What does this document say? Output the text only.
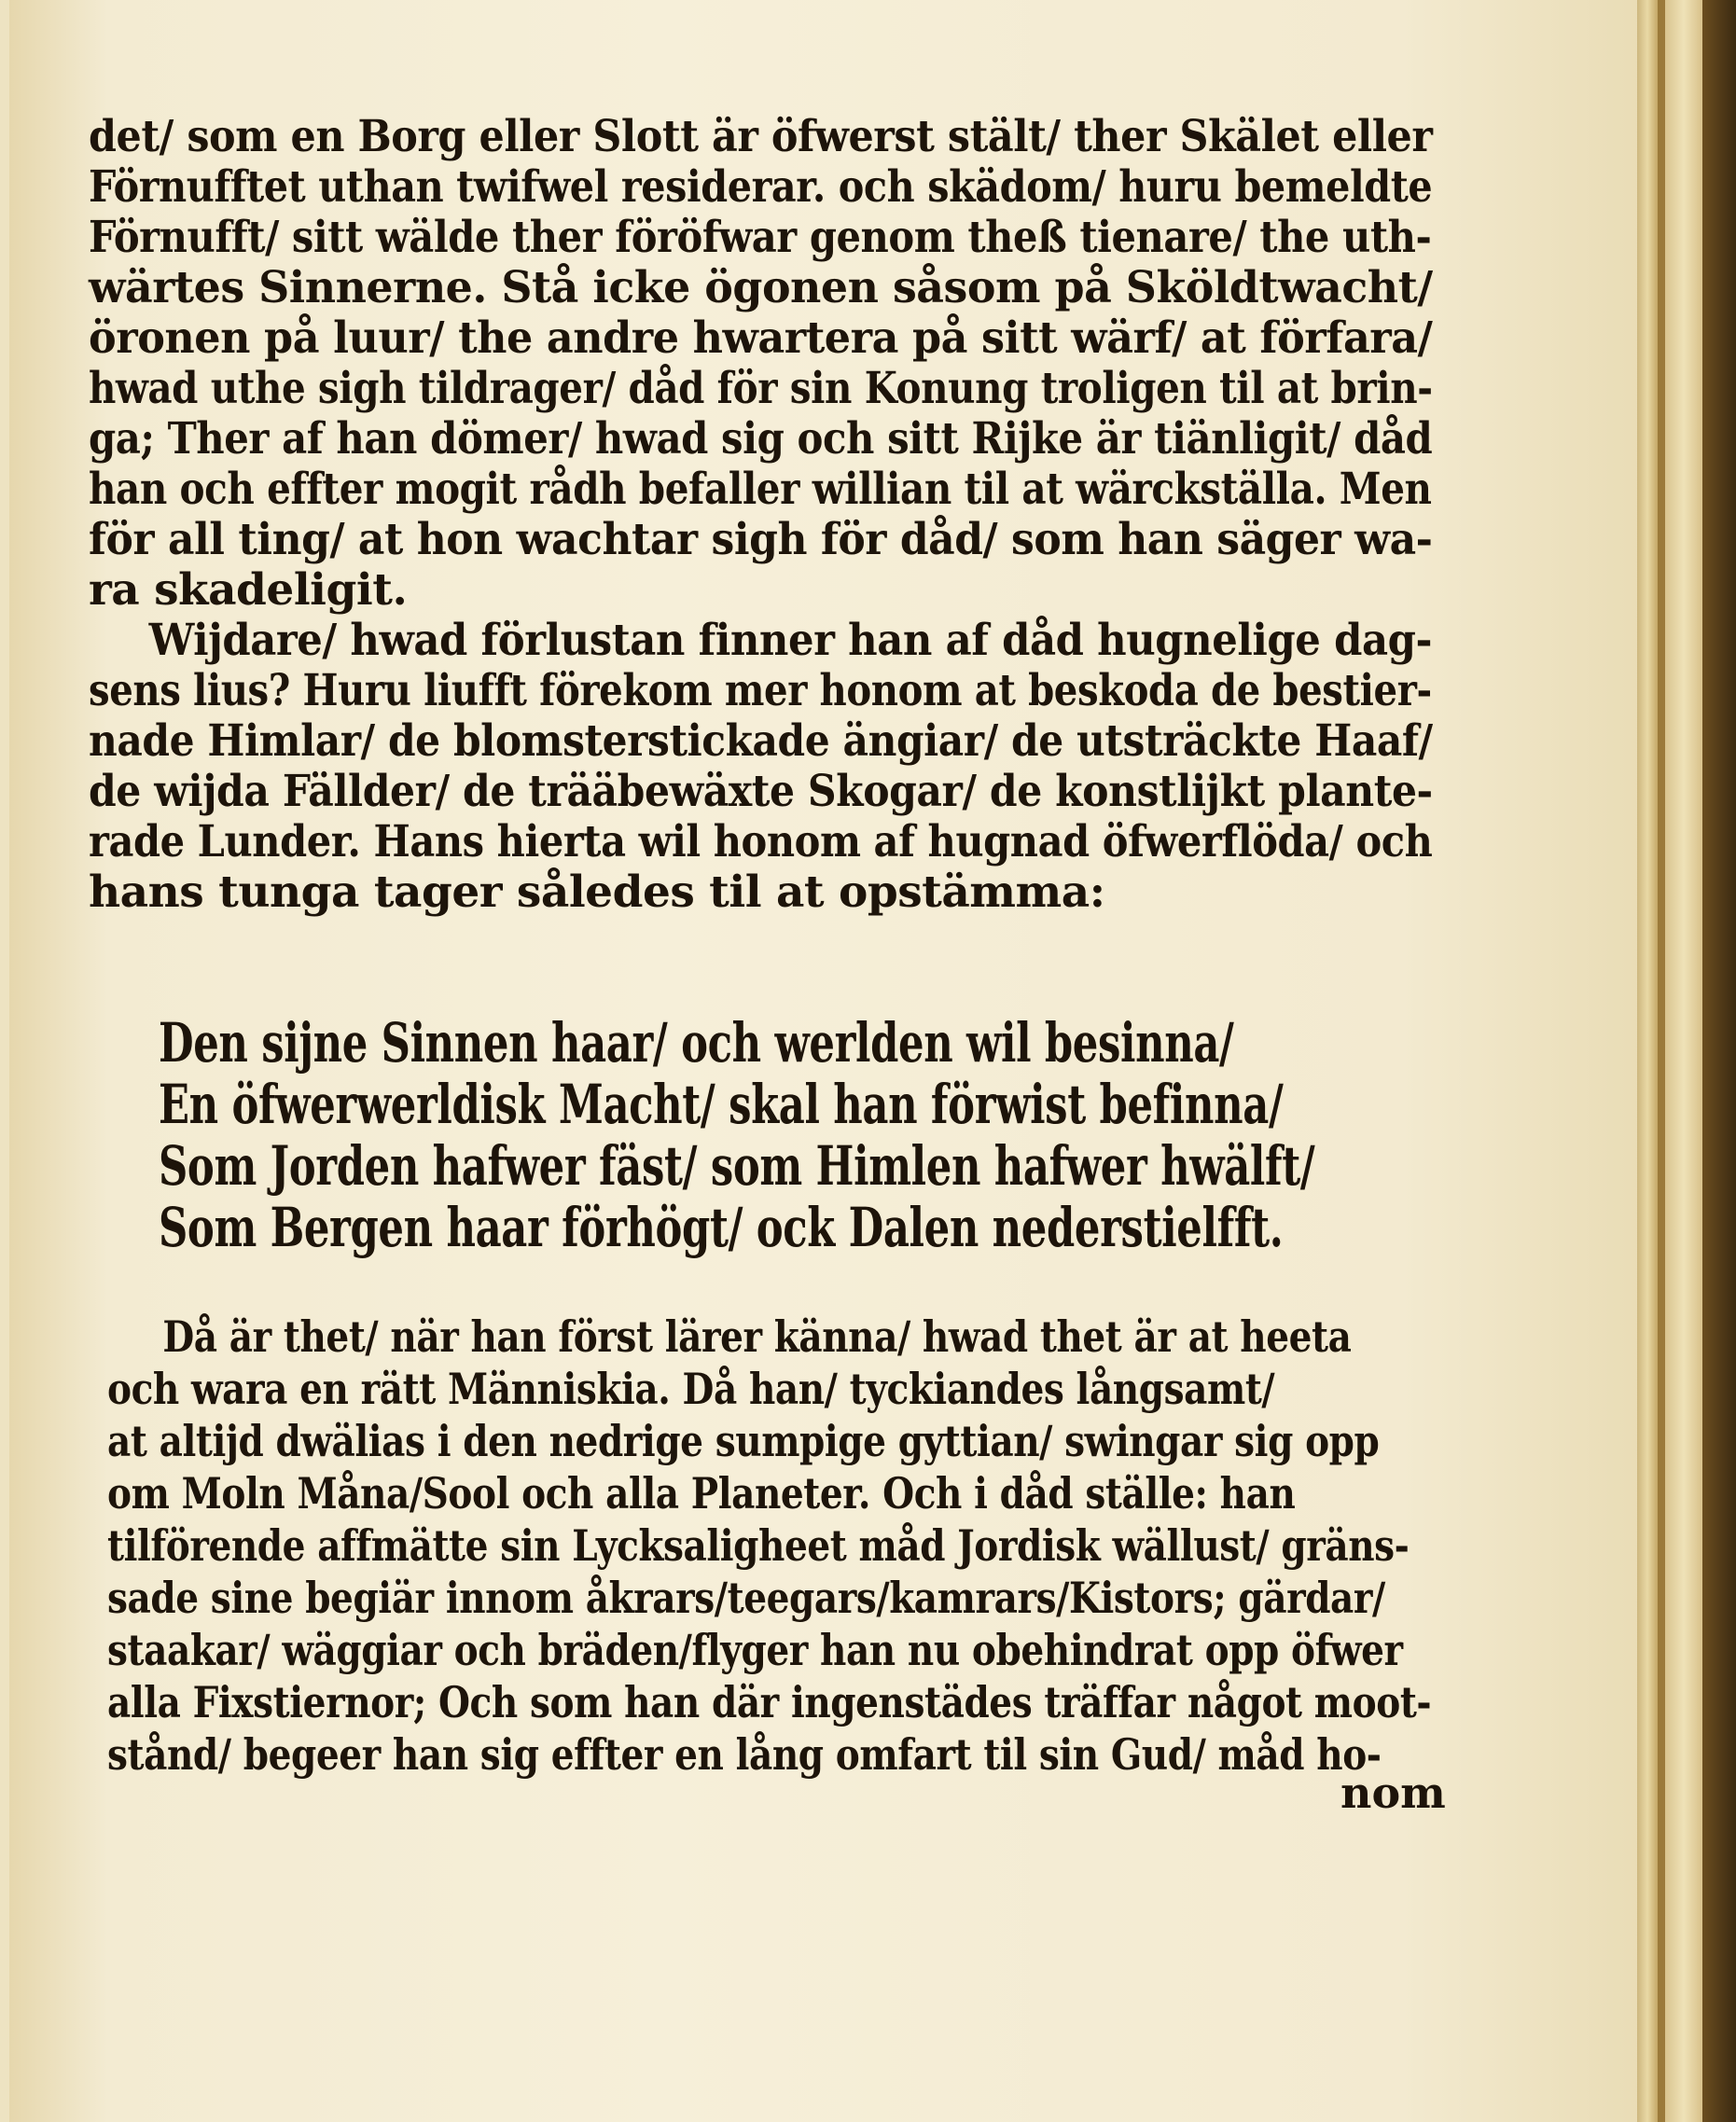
det/ som en Borg eller Slott är öfwerst stält/ ther Skälet eller
Förnufftet uthan twifwel residerar. och skädom/ huru bemeldte
Förnufft/ sitt wälde ther föröfwar genom theß tienare/ the uth-
wärtes Sinnerne. Stå icke ögonen såsom på Sköldtwacht/
öronen på luur/ the andre hwartera på sitt wärf/ at förfara/
hwad uthe sigh tildrager/ dåd för sin Konung troligen til at brin-
ga; Ther af han dömer/ hwad sig och sitt Rijke är tiänligit/ dåd
han och effter mogit rådh befaller willian til at wärckställa. Men
för all ting/ at hon wachtar sigh för dåd/ som han säger wa-
ra skadeligit.
Wijdare/ hwad förlustan finner han af dåd hugnelige dag-
sens lius? Huru liufft förekom mer honom at beskoda de bestier-
nade Himlar/ de blomsterstickade ängiar/ de utsträckte Haaf/
de wijda Fällder/ de trääbewäxte Skogar/ de konstlijkt plante-
rade Lunder. Hans hierta wil honom af hugnad öfwerflöda/ och
hans tunga tager således til at opstämma:
Den sijne Sinnen haar/ och werlden wil besinna/
En öfwerwerldisk Macht/ skal han förwist befinna/
Som Jorden hafwer fäst/ som Himlen hafwer hwälft/
Som Bergen haar förhögt/ ock Dalen nederstielfft.
Då är thet/ när han först lärer känna/ hwad thet är at heeta
och wara en rätt Människia. Då han/ tyckiandes långsamt/
at altijd dwälias i den nedrige sumpige gyttian/ swingar sig opp
om Moln Måna/Sool och alla Planeter. Och i dåd ställe: han
tilförende affmätte sin Lycksaligheet måd Jordisk wällust/ gräns-
sade sine begiär innom åkrars/teegars/kamrars/Kistors; gärdar/
staakar/ wäggiar och bräden/flyger han nu obehindrat opp öfwer
alla Fixstiernor; Och som han där ingenstädes träffar något moot-
stånd/ begeer han sig effter en lång omfart til sin Gud/ måd ho-
nom
